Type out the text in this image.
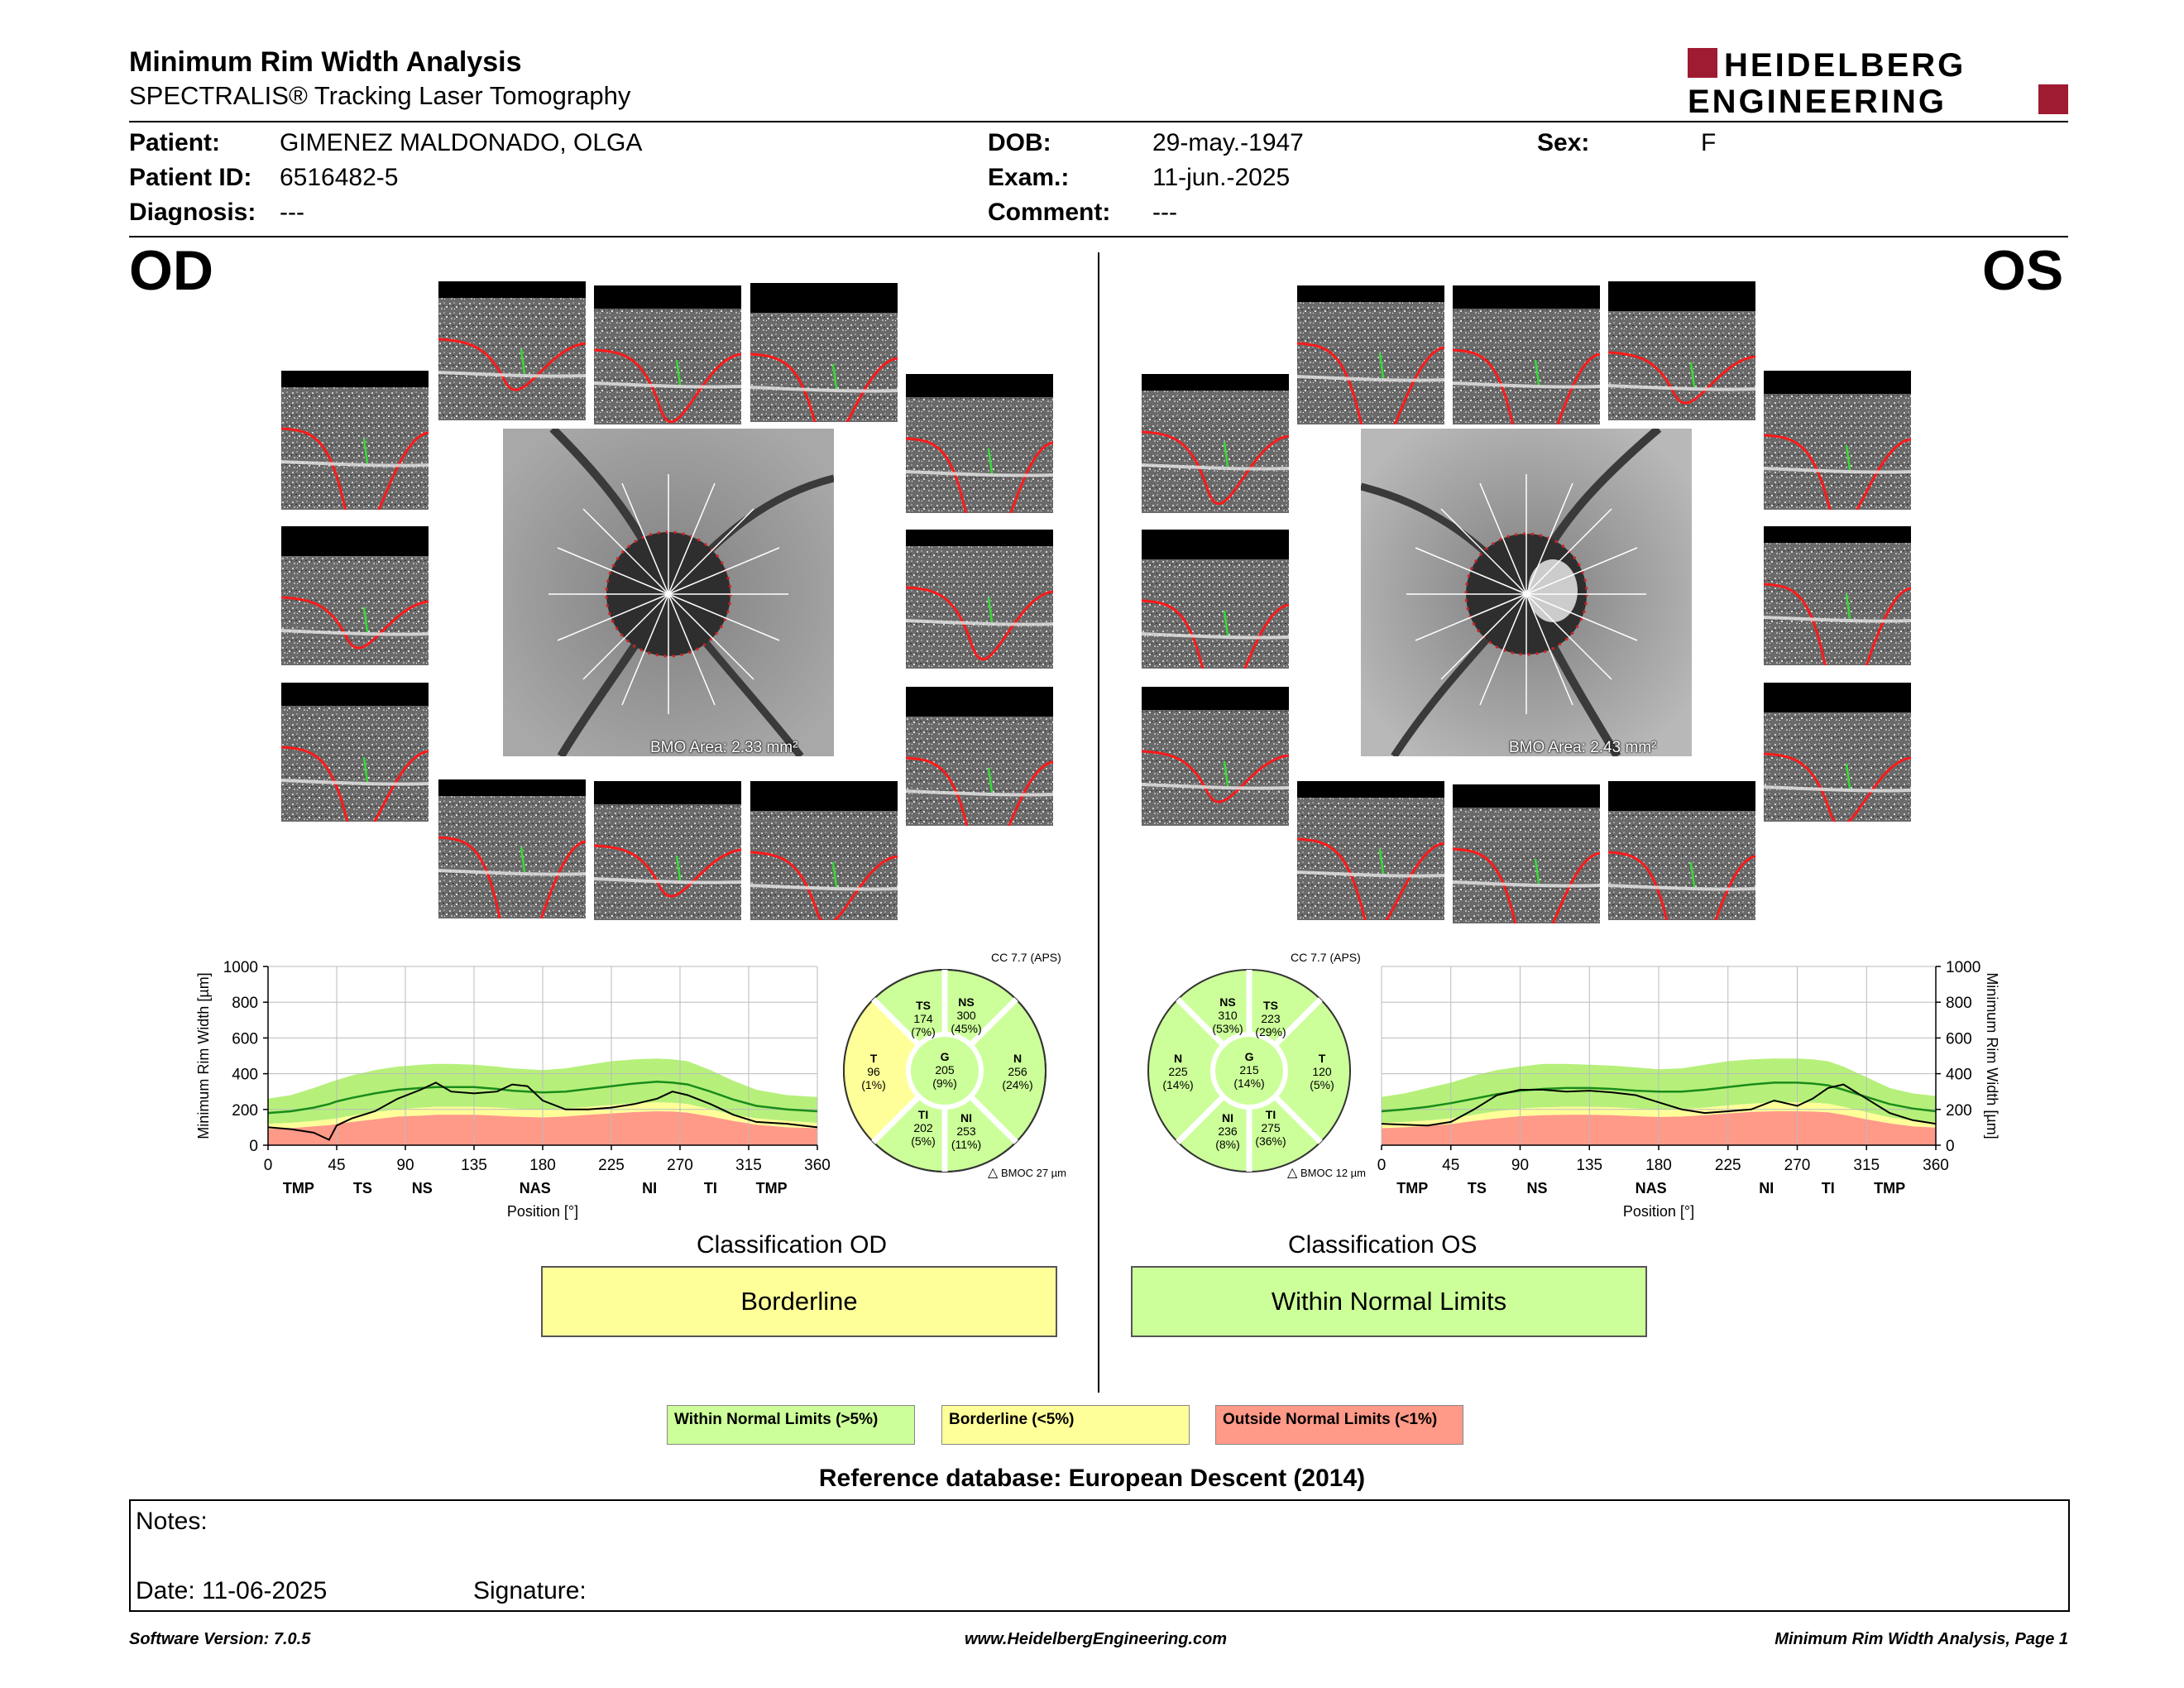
Minimum Rim Width Analysis
SPECTRALIS® Tracking Laser Tomography
HEIDELBERG
ENGINEERING
Patient: GIMENEZ MALDONADO, OLGA
Patient ID: 6516482-5
Diagnosis: ---
DOB:	29-may.-1947
Exam.:	11-jun.-2025
Comment: ---
Sex:	F
OD	OS
BMO Area: 2.33 mm²	BMO Area: 2.43 mm²
0
200
400
600
800
1000
0	45	90	135	180	225	270	315	360
TMP	TS	NS	NAS	NI	TI	TMP
Position [°]
Minimum Rim Width [µm]
0
200
400
600
800
1000
0	45	90	135	180	225	270	315	360
TMP	TS	NS	NAS	NI	TI	TMP
Position [°]
Minimum Rim Width [µm]
CC 7.7 (APS)
TS
174
(7%)
NS
300
(45%)
T
96
(1%)
G
205
(9%)
N
256
(24%)
TI
202
(5%)
NI
253
(11%)
△ BMOC 27 µm
CC 7.7 (APS)
NS
310
(53%)
TS
223
(29%)
N
225
(14%)
G
215
(14%)
T
120
(5%)
NI
236
(8%)
TI
275
(36%)
△ BMOC 12 µm
Classification OD
Borderline
Classification OS
Within Normal Limits
Within Normal Limits (>5%)	Borderline (<5%)	Outside Normal Limits (<1%)
Reference database: European Descent (2014)
Notes:
Date: 11-06-2025	Signature:
Software Version: 7.0.5	www.HeidelbergEngineering.com	Minimum Rim Width Analysis, Page 1
